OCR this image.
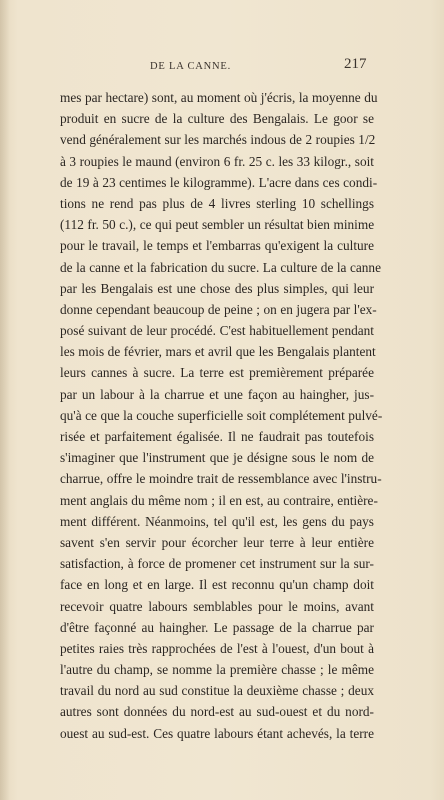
DE LA CANNE.	217
mes par hectare) sont, au moment où j'écris, la moyenne du
produit en sucre de la culture des Bengalais. Le goor se
vend généralement sur les marchés indous de 2 roupies 1/2
à 3 roupies le maund (environ 6 fr. 25 c. les 33 kilogr., soit
de 19 à 23 centimes le kilogramme). L'acre dans ces condi-
tions ne rend pas plus de 4 livres sterling 10 schellings
(112 fr. 50 c.), ce qui peut sembler un résultat bien minime
pour le travail, le temps et l'embarras qu'exigent la culture
de la canne et la fabrication du sucre. La culture de la canne
par les Bengalais est une chose des plus simples, qui leur
donne cependant beaucoup de peine ; on en jugera par l'ex-
posé suivant de leur procédé. C'est habituellement pendant
les mois de février, mars et avril que les Bengalais plantent
leurs cannes à sucre. La terre est premièrement préparée
par un labour à la charrue et une façon au haingher, jus-
qu'à ce que la couche superficielle soit complétement pulvé-
risée et parfaitement égalisée. Il ne faudrait pas toutefois
s'imaginer que l'instrument que je désigne sous le nom de
charrue, offre le moindre trait de ressemblance avec l'instru-
ment anglais du même nom ; il en est, au contraire, entière-
ment différent. Néanmoins, tel qu'il est, les gens du pays
savent s'en servir pour écorcher leur terre à leur entière
satisfaction, à force de promener cet instrument sur la sur-
face en long et en large. Il est reconnu qu'un champ doit
recevoir quatre labours semblables pour le moins, avant
d'être façonné au haingher. Le passage de la charrue par
petites raies très rapprochées de l'est à l'ouest, d'un bout à
l'autre du champ, se nomme la première chasse ; le même
travail du nord au sud constitue la deuxième chasse ; deux
autres sont données du nord-est au sud-ouest et du nord-
ouest au sud-est. Ces quatre labours étant achevés, la terre
